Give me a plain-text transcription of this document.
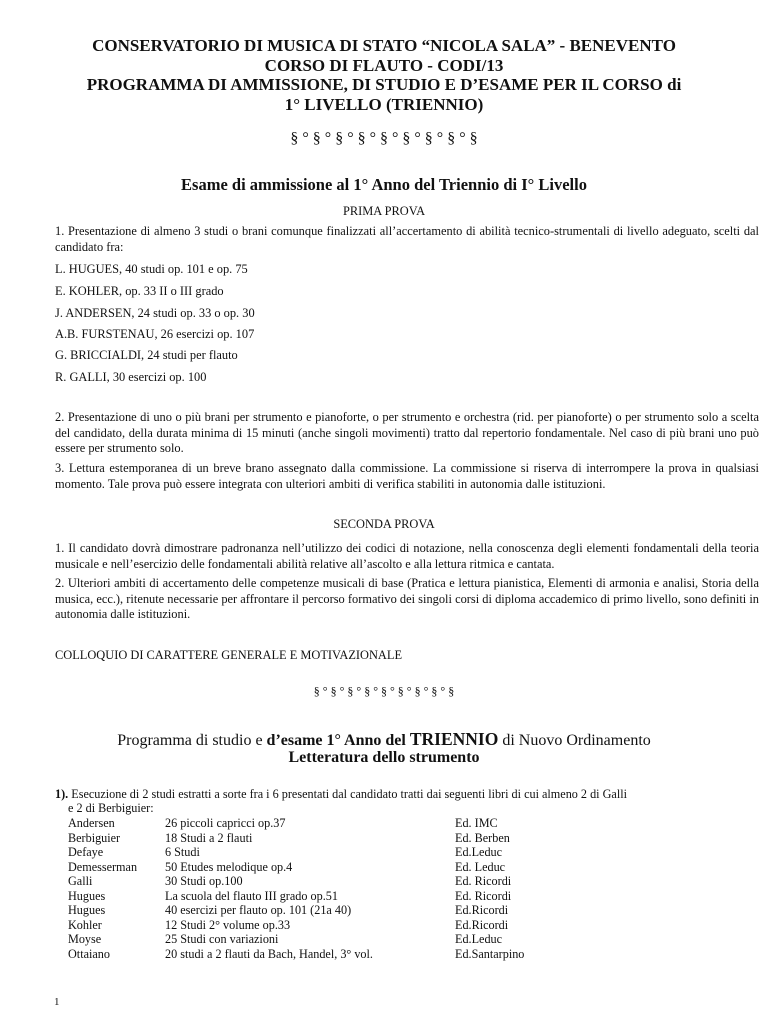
CONSERVATORIO DI MUSICA DI STATO “NICOLA SALA” - BENEVENTO
CORSO DI FLAUTO - CODI/13
PROGRAMMA DI AMMISSIONE, DI STUDIO E D’ESAME PER IL CORSO di
1° LIVELLO (TRIENNIO)
§ ° § ° § ° § ° § ° § ° § ° § ° §
Esame di ammissione al 1° Anno del Triennio di I° Livello
PRIMA PROVA
1. Presentazione di almeno 3 studi o brani comunque finalizzati all’accertamento di abilità tecnico-strumentali di livello adeguato, scelti dal candidato fra:
L. HUGUES, 40 studi op. 101 e op. 75
E. KOHLER, op. 33 II o III grado
J. ANDERSEN, 24 studi op. 33 o op. 30
A.B. FURSTENAU, 26 esercizi op. 107
G. BRICCIALDI, 24 studi per flauto
R. GALLI, 30 esercizi op. 100
2. Presentazione di uno o più brani per strumento e pianoforte, o per strumento e orchestra (rid. per pianoforte) o per strumento solo a scelta del candidato, della durata minima di 15 minuti (anche singoli movimenti) tratto dal repertorio fondamentale. Nel caso di più brani uno può essere per strumento solo.
3. Lettura estemporanea di un breve brano assegnato dalla commissione. La commissione si riserva di interrompere la prova in qualsiasi momento. Tale prova può essere integrata con ulteriori ambiti di verifica stabiliti in autonomia dalle istituzioni.
SECONDA PROVA
1. Il candidato dovrà dimostrare padronanza nell’utilizzo dei codici di notazione, nella conoscenza degli elementi fondamentali della teoria musicale e nell’esercizio delle fondamentali abilità relative all’ascolto e alla lettura ritmica e cantata.
2. Ulteriori ambiti di accertamento delle competenze musicali di base (Pratica e lettura pianistica, Elementi di armonia e analisi, Storia della musica, ecc.), ritenute necessarie per affrontare il percorso formativo dei singoli corsi di diploma accademico di primo livello, sono definiti in autonomia dalle istituzioni.
COLLOQUIO DI CARATTERE GENERALE E MOTIVAZIONALE
§ ° § ° § ° § ° § ° § ° § ° § ° §
Programma di studio e d’esame 1° Anno del TRIENNIO di Nuovo Ordinamento
Letteratura dello strumento
1). Esecuzione di 2 studi estratti a sorte fra i 6 presentati dal candidato tratti dai seguenti libri di cui almeno 2 di Galli
e 2 di Berbiguier:
Andersen	26 piccoli capricci op.37	Ed. IMC
Berbiguier	18 Studi a 2 flauti	Ed. Berben
Defaye	6 Studi	Ed.Leduc
Demesserman	50 Etudes melodique op.4	Ed. Leduc
Galli	30 Studi op.100	Ed. Ricordi
Hugues	La scuola del flauto III grado op.51	Ed. Ricordi
Hugues	40 esercizi per flauto op. 101 (21a 40)	Ed.Ricordi
Kohler	12 Studi 2° volume op.33	Ed.Ricordi
Moyse	25 Studi con variazioni	Ed.Leduc
Ottaiano	20 studi a 2 flauti da Bach, Handel, 3° vol.	Ed.Santarpino
1
